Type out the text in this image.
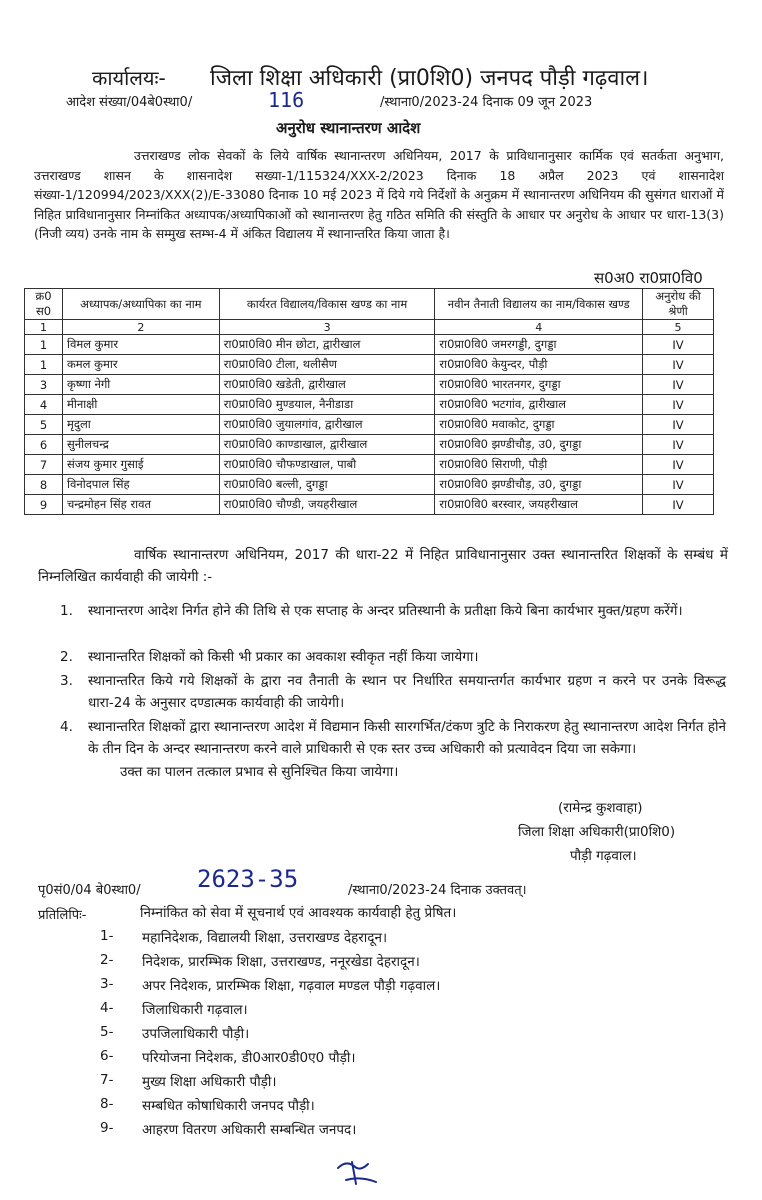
कार्यालयः- जिला शिक्षा अधिकारी (प्रा0शि0) जनपद पौड़ी गढ़वाल।
आदेश संख्या/04बे0स्था0/	116	/स्थाना0/2023-24 दिनाक 09 जून 2023
अनुरोध स्थानान्तरण आदेश
उत्तराखण्ड लोक सेवकों के लिये वार्षिक स्थानान्तरण अधिनियम, 2017 के प्राविधानानुसार कार्मिक एवं सतर्कता अनुभाग, उत्तराखण्ड शासन के शासनादेश सख्या-1/115324/XXX-2/2023 दिनाक 18 अप्रैल 2023 एवं शासनादेश संख्या-1/120994/2023/XXX(2)/E-33080 दिनाक 10 मई 2023 में दिये गये निर्देशों के अनुक्रम में स्थानान्तरण अधिनियम की सुसंगत धाराओं में निहित प्राविधानानुसार निम्नांकित अध्यापक/अध्यापिकाओं को स्थानान्तरण हेतु गठित समिति की संस्तुति के आधार पर अनुरोध के आधार पर धारा-13(3) (निजी व्यय) उनके नाम के सम्मुख स्तम्भ-4 में अंकित विद्यालय में स्थानान्तरित किया जाता है।
स0अ0 रा0प्रा0वि0
क्र0 स0	अध्यापक/अध्यापिका का नाम	कार्यरत विद्यालय/विकास खण्ड का नाम	नवीन तैनाती विद्यालय का नाम/विकास खण्ड	अनुरोध की श्रेणी
1	2	3	4	5
1	विमल कुमार	रा0प्रा0वि0 मीन छोटा, द्वारीखाल	रा0प्रा0वि0 जमरगड्डी, दुगड्डा	IV
1	कमल कुमार	रा0प्रा0वि0 टीला, थलीसैण	रा0प्रा0वि0 केयुन्दर, पौड़ी	IV
3	कृष्णा नेगी	रा0प्रा0वि0 खडेती, द्वारीखाल	रा0प्रा0वि0 भारतनगर, दुगड्डा	IV
4	मीनाक्षी	रा0प्रा0वि0 मुण्डयाल, नैनीडाडा	रा0प्रा0वि0 भटगांव, द्वारीखाल	IV
5	मृदुला	रा0प्रा0वि0 जुयालगांव, द्वारीखाल	रा0प्रा0वि0 मवाकोट, दुगड्डा	IV
6	सुनीलचन्द्र	रा0प्रा0वि0 काण्डाखाल, द्वारीखाल	रा0प्रा0वि0 झण्डीचौड़, उ0, दुगड्डा	IV
7	संजय कुमार गुसाई	रा0प्रा0वि0 चौफण्डाखाल, पाबौ	रा0प्रा0वि0 सिराणी, पौड़ी	IV
8	विनोदपाल सिंह	रा0प्रा0वि0 बल्ली, दुगड्डा	रा0प्रा0वि0 झण्डीचौड़, उ0, दुगड्डा	IV
9	चन्द्रमोहन सिंह रावत	रा0प्रा0वि0 चौण्डी, जयहरीखाल	रा0प्रा0वि0 बरस्वार, जयहरीखाल	IV
वार्षिक स्थानान्तरण अधिनियम, 2017 की धारा-22 में निहित प्राविधानानुसार उक्त स्थानान्तरित शिक्षकों के सम्बंध में निम्नलिखित कार्यवाही की जायेगी :-
1. स्थानान्तरण आदेश निर्गत होने की तिथि से एक सप्ताह के अन्दर प्रतिस्थानी के प्रतीक्षा किये बिना कार्यभार मुक्त/ग्रहण करेंगें।
2. स्थानान्तरित शिक्षकों को किसी भी प्रकार का अवकाश स्वीकृत नहीं किया जायेगा।
3. स्थानान्तरित किये गये शिक्षकों के द्वारा नव तैनाती के स्थान पर निर्धारित समयान्तर्गत कार्यभार ग्रहण न करने पर उनके विरूद्ध धारा-24 के अनुसार दण्डात्मक कार्यवाही की जायेगी।
4. स्थानान्तरित शिक्षकों द्वारा स्थानान्तरण आदेश में विद्यमान किसी सारगर्भित/टंकण त्रुटि के निराकरण हेतु स्थानान्तरण आदेश निर्गत होने के तीन दिन के अन्दर स्थानान्तरण करने वाले प्राधिकारी से एक स्तर उच्च अधिकारी को प्रत्यावेदन दिया जा सकेगा।
उक्त का पालन तत्काल प्रभाव से सुनिश्चित किया जायेगा।
(रामेन्द्र कुशवाहा)
जिला शिक्षा अधिकारी(प्रा0शि0)
पौड़ी गढ़वाल।
पृ0सं0/04 बे0स्था0/ 2623-35	/स्थाना0/2023-24 दिनाक उक्तवत्।
प्रतिलिपिः-	निम्नांकित को सेवा में सूचनार्थ एवं आवश्यक कार्यवाही हेतु प्रेषित।
1- महानिदेशक, विद्यालयी शिक्षा, उत्तराखण्ड देहरादून।
2- निदेशक, प्रारम्भिक शिक्षा, उत्तराखण्ड, ननूरखेडा देहरादून।
3- अपर निदेशक, प्रारम्भिक शिक्षा, गढ़वाल मण्डल पौड़ी गढ़वाल।
4- जिलाधिकारी गढ़वाल।
5- उपजिलाधिकारी पौड़ी।
6- परियोजना निदेशक, डी0आर0डी0ए0 पौड़ी।
7- मुख्य शिक्षा अधिकारी पौड़ी।
8- सम्बधित कोषाधिकारी जनपद पौड़ी।
9- आहरण वितरण अधिकारी सम्बन्धित जनपद।
